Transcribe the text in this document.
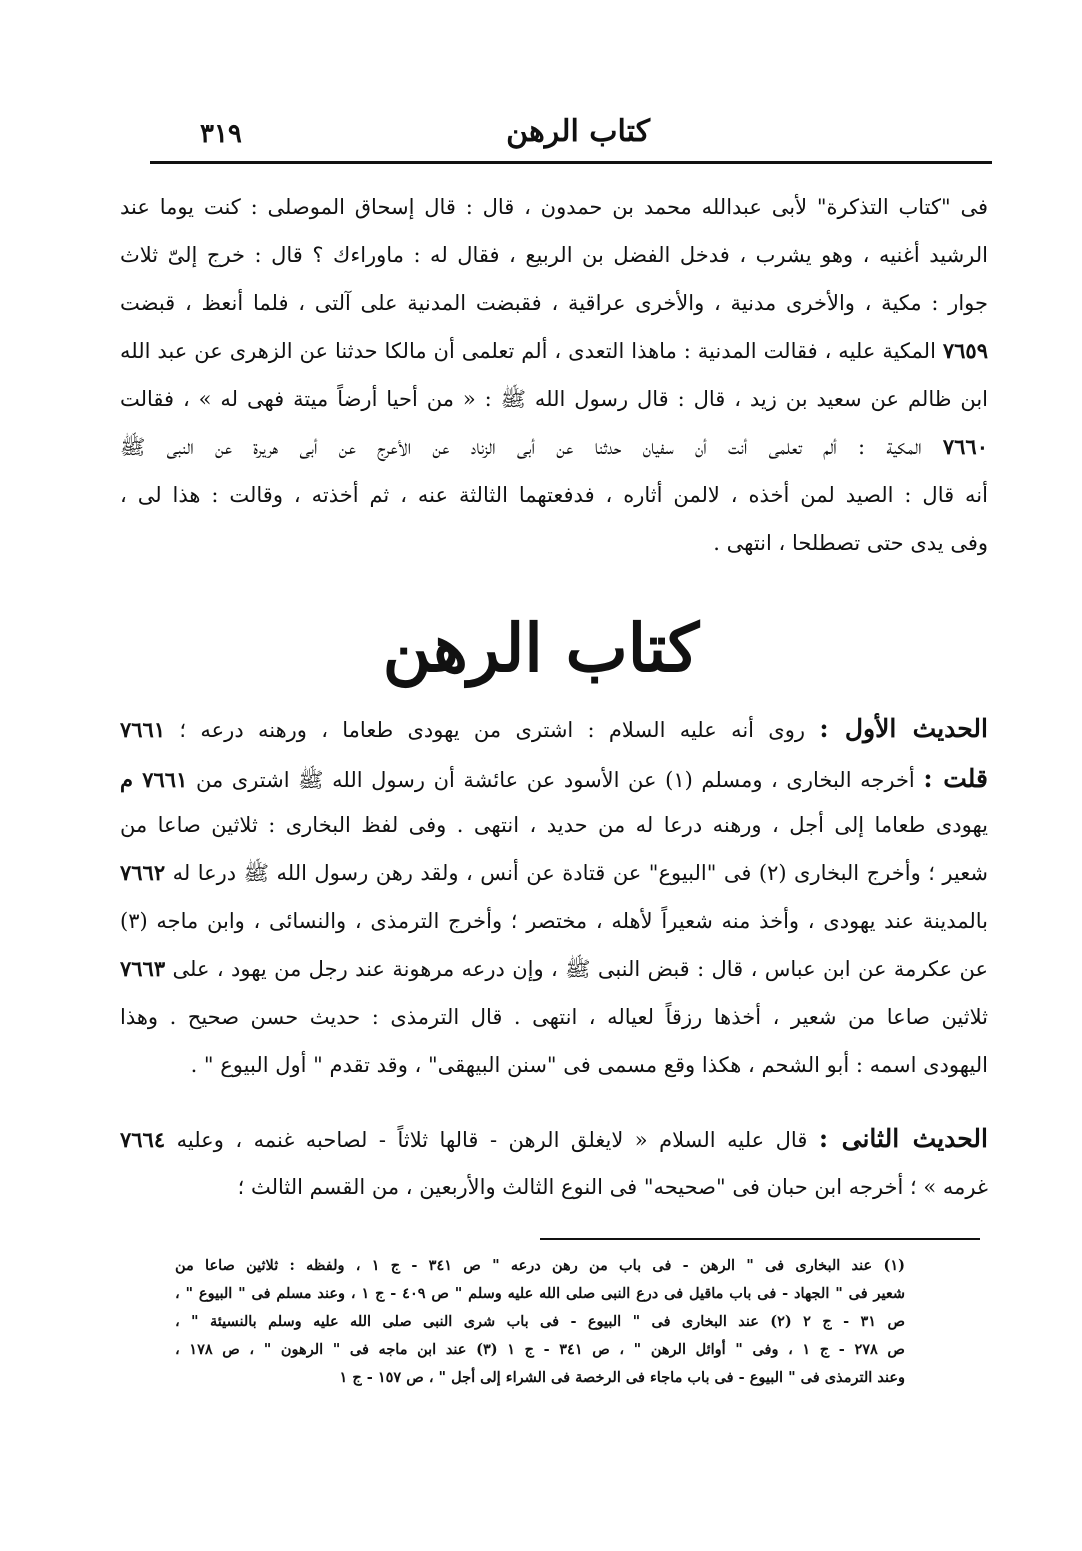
كتاب الرهن
٣١٩
فى "كتاب التذكرة" لأبى عبدالله محمد بن حمدون ، قال : قال إسحاق الموصلى : كنت يوما عند
الرشيد أغنيه ، وهو يشرب ، فدخل الفضل بن الربيع ، فقال له : ماوراءك ؟ قال : خرج إلىّ ثلاث
جوار : مكية ، والأخرى مدنية ، والأخرى عراقية ، فقبضت المدنية على آلتى ، فلما أنعظ ، قبضت
٧٦٥٩ المكية عليه ، فقالت المدنية : ماهذا التعدى ، ألم تعلمى أن مالكا حدثنا عن الزهرى عن عبد الله
ابن ظالم عن سعيد بن زيد ، قال : قال رسول الله ﷺ : « من أحيا أرضاً ميتة فهى له » ، فقالت
٧٦٦٠ المكية : ألم تعلمى أنت أن سفيان حدثنا عن أبى الزناد عن الأعرج عن أبى هريرة عن النبى ﷺ
أنه قال : الصيد لمن أخذه ، لالمن أثاره ، فدفعتهما الثالثة عنه ، ثم أخذته ، وقالت : هذا لى ،
وفى يدى حتى تصطلحا ، انتهى .
كتاب الرهن
الحديث الأول : روى أنه عليه السلام : اشترى من يهودى طعاما ، ورهنه درعه ؛ ٧٦٦١
قلت : أخرجه البخارى ، ومسلم (١) عن الأسود عن عائشة أن رسول الله ﷺ اشترى من ٧٦٦١ م
يهودى طعاما إلى أجل ، ورهنه درعا له من حديد ، انتهى . وفى لفظ البخارى : ثلاثين صاعا من
شعير ؛ وأخرج البخارى (٢) فى "البيوع" عن قتادة عن أنس ، ولقد رهن رسول الله ﷺ درعا له ٧٦٦٢
بالمدينة عند يهودى ، وأخذ منه شعيراً لأهله ، مختصر ؛ وأخرج الترمذى ، والنسائى ، وابن ماجه (٣)
عن عكرمة عن ابن عباس ، قال : قبض النبى ﷺ ، وإن درعه مرهونة عند رجل من يهود ، على ٧٦٦٣
ثلاثين صاعا من شعير ، أخذها رزقاً لعياله ، انتهى . قال الترمذى : حديث حسن صحيح . وهذا
اليهودى اسمه : أبو الشحم ، هكذا وقع مسمى فى "سنن البيهقى" ، وقد تقدم " أول البيوع " .
الحديث الثانى : قال عليه السلام « لايغلق الرهن - قالها ثلاثاً - لصاحبه غنمه ، وعليه ٧٦٦٤
غرمه » ؛ أخرجه ابن حبان فى "صحيحه" فى النوع الثالث والأربعين ، من القسم الثالث ؛
(١) عند البخارى فى " الرهن - فى باب من رهن درعه " ص ٣٤١ - ج ١ ، ولفظه : ثلاثين صاعا من
شعير فى " الجهاد - فى باب ماقيل فى درع النبى صلى الله عليه وسلم " ص ٤٠٩ - ج ١ ، وعند مسلم فى " البيوع " ،
ص ٣١ - ج ٢ (٢) عند البخارى فى " البيوع - فى باب شرى النبى صلى الله عليه وسلم بالنسيئة " ،
ص ٢٧٨ - ج ١ ، وفى " أوائل الرهن " ، ص ٣٤١ - ج ١ (٣) عند ابن ماجه فى " الرهون " ، ص ١٧٨ ،
وعند الترمذى فى " البيوع - فى باب ماجاء فى الرخصة فى الشراء إلى أجل " ، ص ١٥٧ - ج ١
